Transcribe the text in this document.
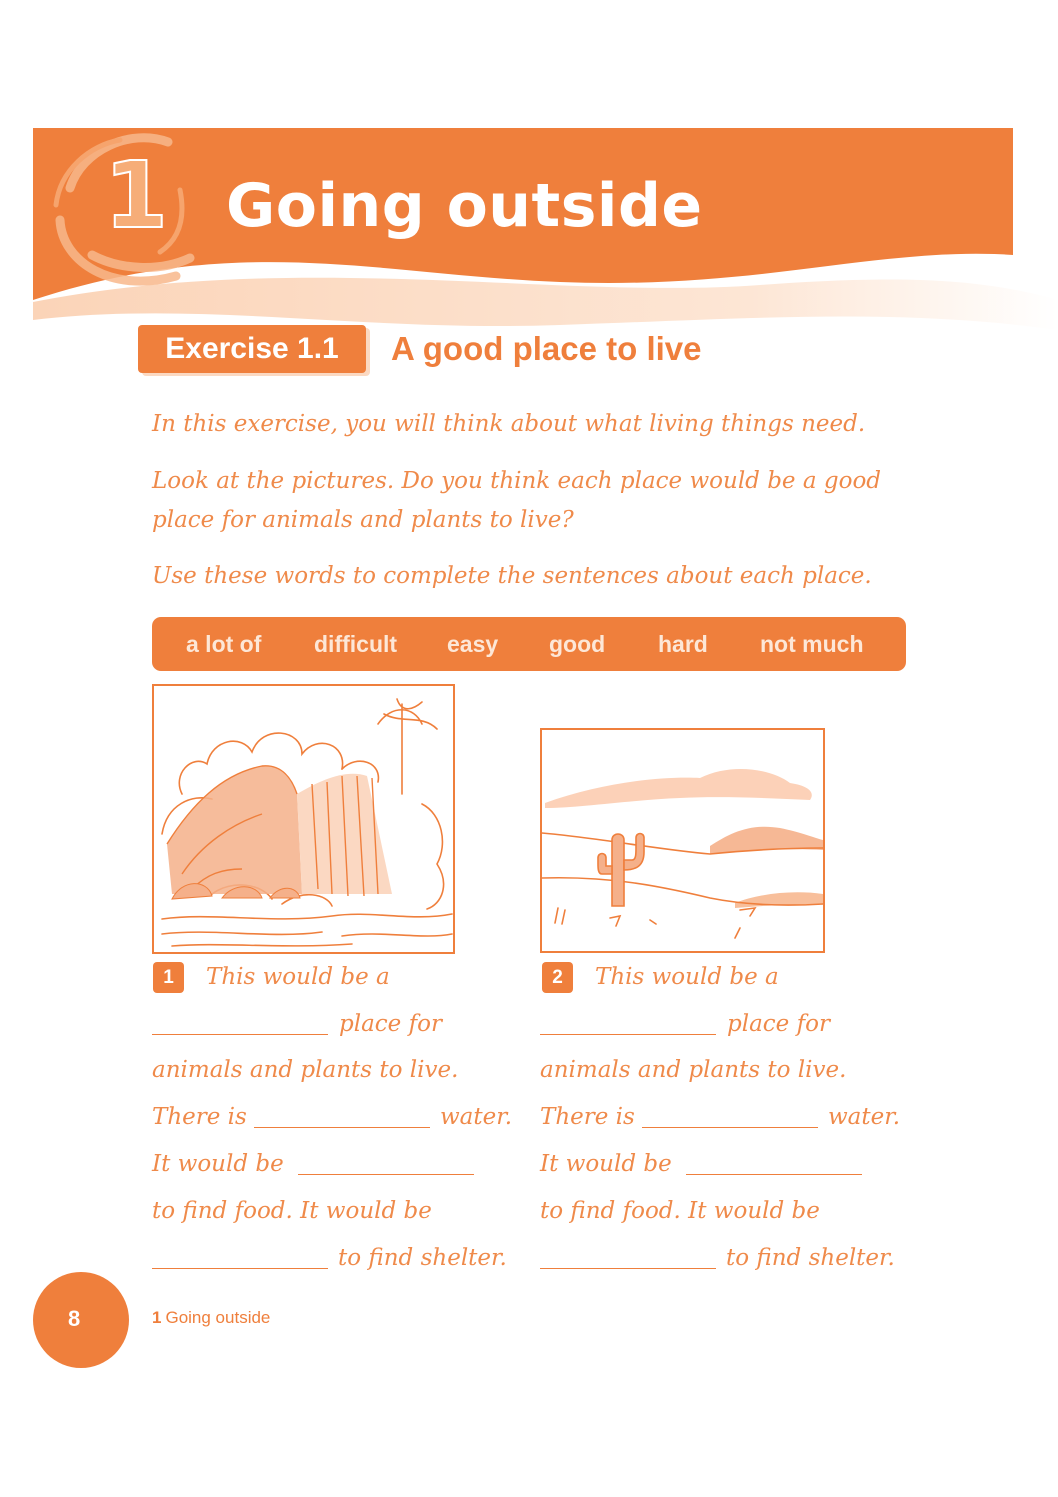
1 Going outside
Exercise 1.1	A good place to live

In this exercise, you will think about what living things need.

Look at the pictures. Do you think each place would be a good

place for animals and plants to live?

Use these words to complete the sentences about each place.

a lot of difficult easy good hard not much
1	This would be a
place for
animals and plants to live.
There is	water.
It would be
to find food. It would be
to find shelter.
2	This would be a
place for
animals and plants to live.
There is	water.
It would be
to find food. It would be
to find shelter.
8	1 Going outside
